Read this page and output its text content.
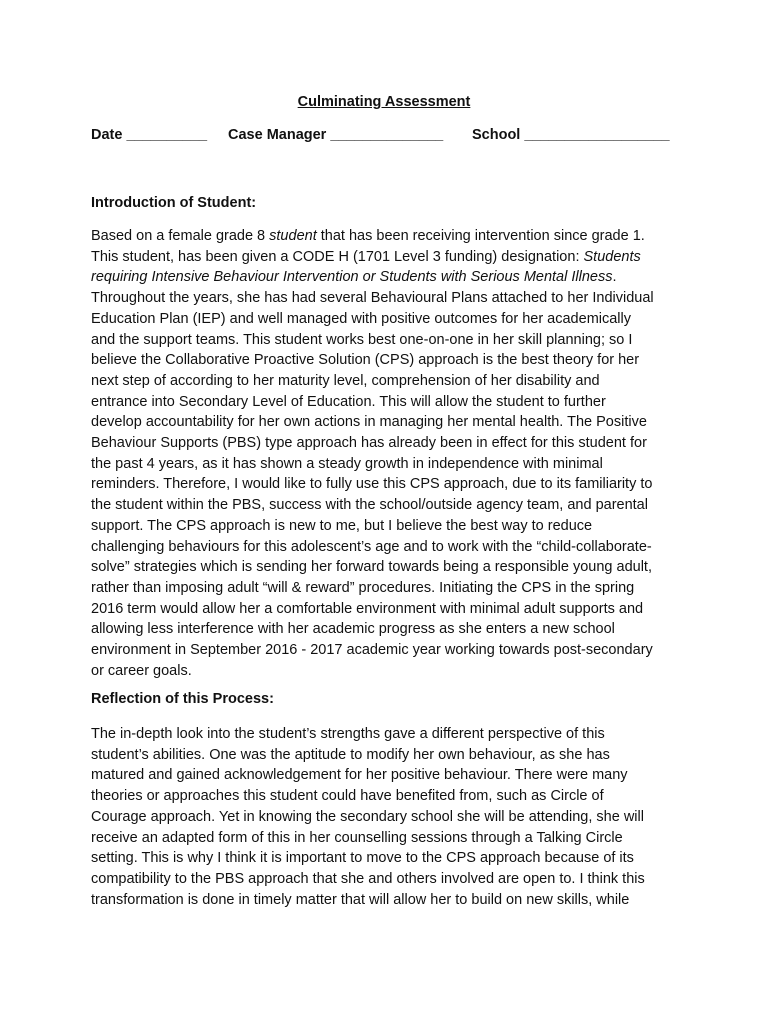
Culminating Assessment
Date __________ Case Manager ______________ School __________________
Introduction of Student:
Based on a female grade 8 student that has been receiving intervention since grade 1.
This student, has been given a CODE H (1701 Level 3 funding) designation: Students
requiring Intensive Behaviour Intervention or Students with Serious Mental Illness.
Throughout the years, she has had several Behavioural Plans attached to her Individual
Education Plan (IEP) and well managed with positive outcomes for her academically
and the support teams. This student works best one-on-one in her skill planning; so I
believe the Collaborative Proactive Solution (CPS) approach is the best theory for her
next step of according to her maturity level, comprehension of her disability and
entrance into Secondary Level of Education. This will allow the student to further
develop accountability for her own actions in managing her mental health. The Positive
Behaviour Supports (PBS) type approach has already been in effect for this student for
the past 4 years, as it has shown a steady growth in independence with minimal
reminders. Therefore, I would like to fully use this CPS approach, due to its familiarity to
the student within the PBS, success with the school/outside agency team, and parental
support. The CPS approach is new to me, but I believe the best way to reduce
challenging behaviours for this adolescent’s age and to work with the “child-collaborate-
solve” strategies which is sending her forward towards being a responsible young adult,
rather than imposing adult “will & reward” procedures. Initiating the CPS in the spring
2016 term would allow her a comfortable environment with minimal adult supports and
allowing less interference with her academic progress as she enters a new school
environment in September 2016 - 2017 academic year working towards post-secondary
or career goals.
Reflection of this Process:
The in-depth look into the student’s strengths gave a different perspective of this
student’s abilities. One was the aptitude to modify her own behaviour, as she has
matured and gained acknowledgement for her positive behaviour. There were many
theories or approaches this student could have benefited from, such as Circle of
Courage approach. Yet in knowing the secondary school she will be attending, she will
receive an adapted form of this in her counselling sessions through a Talking Circle
setting. This is why I think it is important to move to the CPS approach because of its
compatibility to the PBS approach that she and others involved are open to. I think this
transformation is done in timely matter that will allow her to build on new skills, while
